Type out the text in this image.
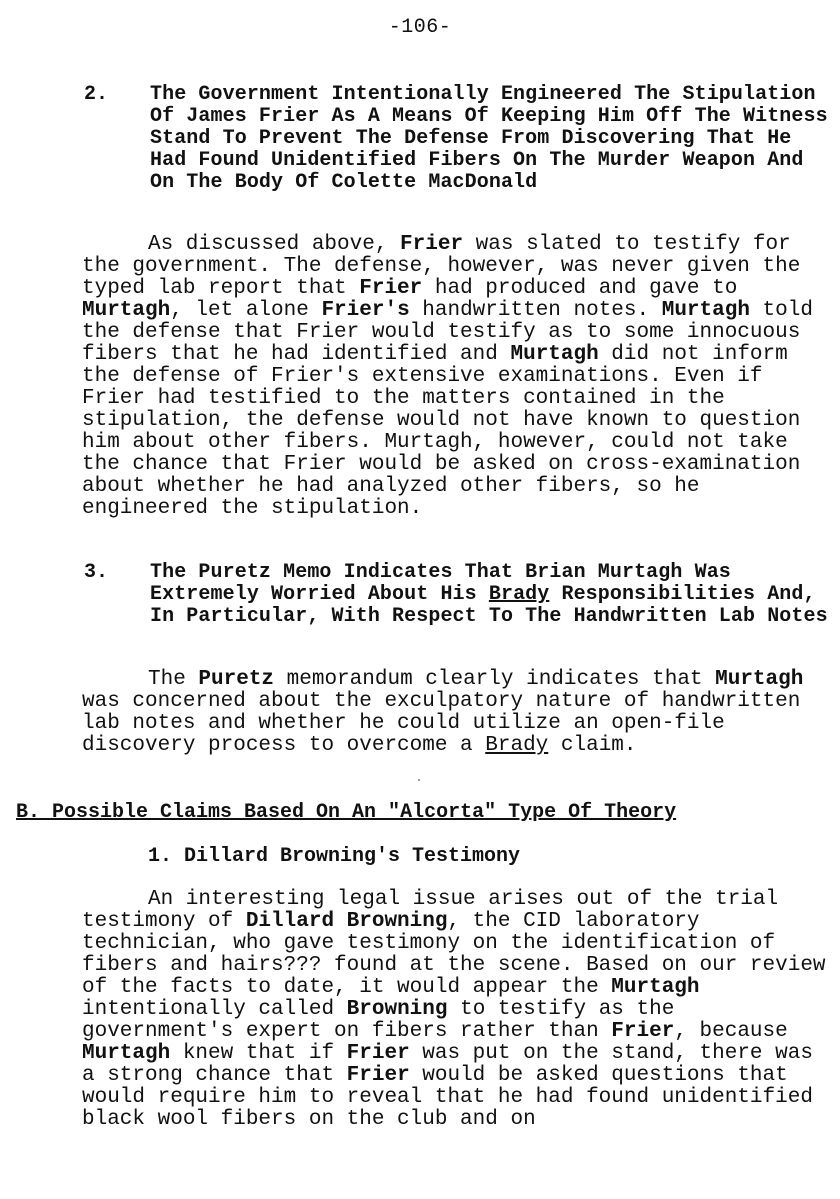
-106-
2. The Government Intentionally Engineered The Stipulation Of James Frier As A Means Of Keeping Him Off The Witness Stand To Prevent The Defense From Discovering That He Had Found Unidentified Fibers On The Murder Weapon And On The Body Of Colette MacDonald
As discussed above, Frier was slated to testify for the government. The defense, however, was never given the typed lab report that Frier had produced and gave to Murtagh, let alone Frier's handwritten notes. Murtagh told the defense that Frier would testify as to some innocuous fibers that he had identified and Murtagh did not inform the defense of Frier's extensive examinations. Even if Frier had testified to the matters contained in the stipulation, the defense would not have known to question him about other fibers. Murtagh, however, could not take the chance that Frier would be asked on cross-examination about whether he had analyzed other fibers, so he engineered the stipulation.
3. The Puretz Memo Indicates That Brian Murtagh Was Extremely Worried About His Brady Responsibilities And, In Particular, With Respect To The Handwritten Lab Notes
The Puretz memorandum clearly indicates that Murtagh was concerned about the exculpatory nature of handwritten lab notes and whether he could utilize an open-file discovery process to overcome a Brady claim.
B. Possible Claims Based On An "Alcorta" Type Of Theory
1. Dillard Browning's Testimony
An interesting legal issue arises out of the trial testimony of Dillard Browning, the CID laboratory technician, who gave testimony on the identification of fibers and hairs??? found at the scene. Based on our review of the facts to date, it would appear the Murtagh intentionally called Browning to testify as the government's expert on fibers rather than Frier, because Murtagh knew that if Frier was put on the stand, there was a strong chance that Frier would be asked questions that would require him to reveal that he had found unidentified black wool fibers on the club and on
